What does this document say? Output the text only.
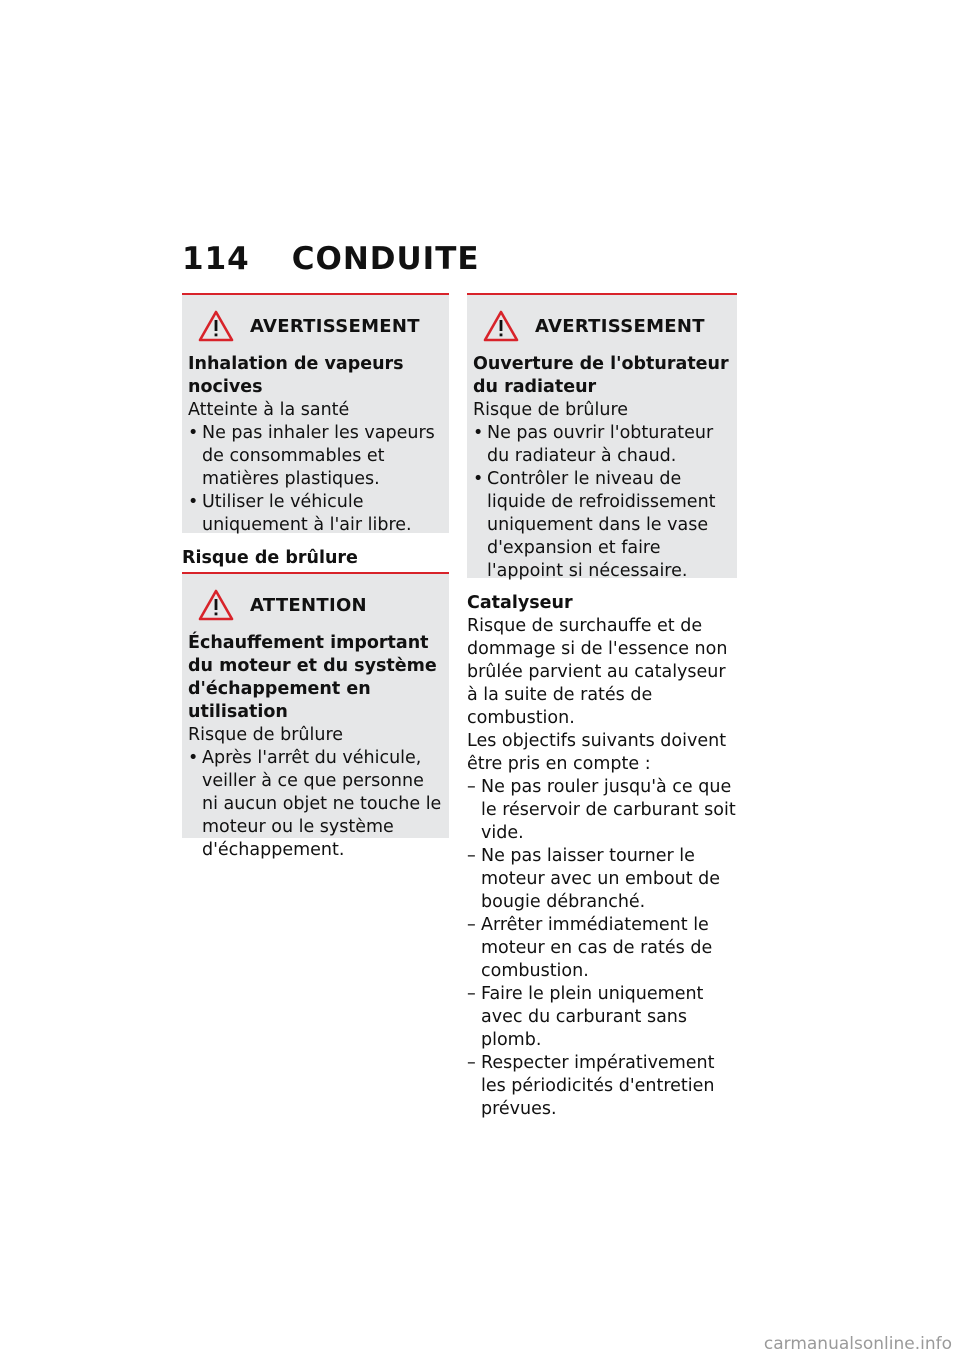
114 CONDUITE
AVERTISSEMENT
Inhalation de vapeurs nocives
Atteinte à la santé
• Ne pas inhaler les vapeurs de consommables et matières plastiques.
• Utiliser le véhicule uniquement à l'air libre.
Risque de brûlure
ATTENTION
Échauffement important du moteur et du système d'échappement en utilisation
Risque de brûlure
• Après l'arrêt du véhicule, veiller à ce que personne ni aucun objet ne touche le moteur ou le système d'échappement.
AVERTISSEMENT
Ouverture de l'obturateur du radiateur
Risque de brûlure
• Ne pas ouvrir l'obturateur du radiateur à chaud.
• Contrôler le niveau de liquide de refroidissement uniquement dans le vase d'expansion et faire l'appoint si nécessaire.

Catalyseur

Risque de surchauffe et de dommage si de l'essence non brûlée parvient au catalyseur à la suite de ratés de combustion.

Les objectifs suivants doivent être pris en compte :

– Ne pas rouler jusqu'à ce que le réservoir de carburant soit vide.
– Ne pas laisser tourner le moteur avec un embout de bougie débranché.
– Arrêter immédiatement le moteur en cas de ratés de combustion.
– Faire le plein uniquement avec du carburant sans plomb.
– Respecter impérativement les périodicités d'entretien prévues.
carmanualsonline.info
